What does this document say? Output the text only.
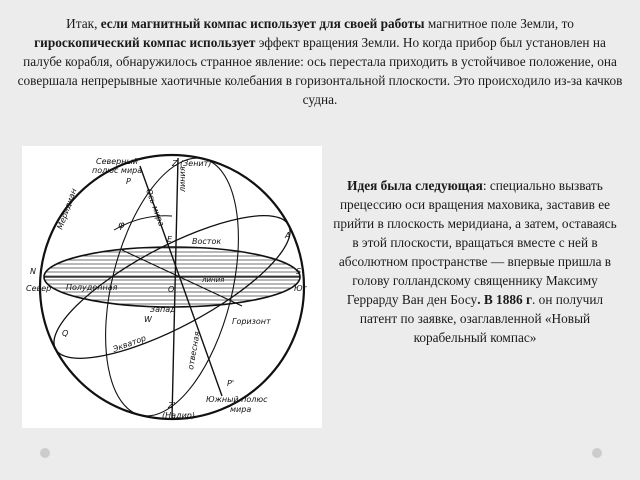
Итак, если магнитный компас использует для своей работы магнитное поле Земли, то гироскопический компас использует эффект вращения Земли. Но когда прибор был установлен на палубе корабля, обнаружилось странное явление: ось перестала приходить в устойчивое положение, она совершала непрерывные хаотичные колебания в горизонтальной плоскости. Это происходило из-за качков судна.
Северный
полюс мира
Z (Зенит)
P
Меридиан	Ось мира
линия
φ
E Восток
A
N
Север
S
Юг
Полуденная
линия
O
Запад
W	Горизонт
Q
Экватор	отвесная
P'
Южный полюс
мира
Z'
(Надир)
Идея была следующая: специально вызвать прецессию оси вращения маховика, заставив ее прийти в плоскость меридиана, а затем, оставаясь в этой плоскости, вращаться вместе с ней в абсолютном пространстве — впервые пришла в голову голландскому священнику Максиму Геррарду Ван ден Босу. В 1886 г. он получил патент по заявке, озаглавленной «Новый корабельный компас»
